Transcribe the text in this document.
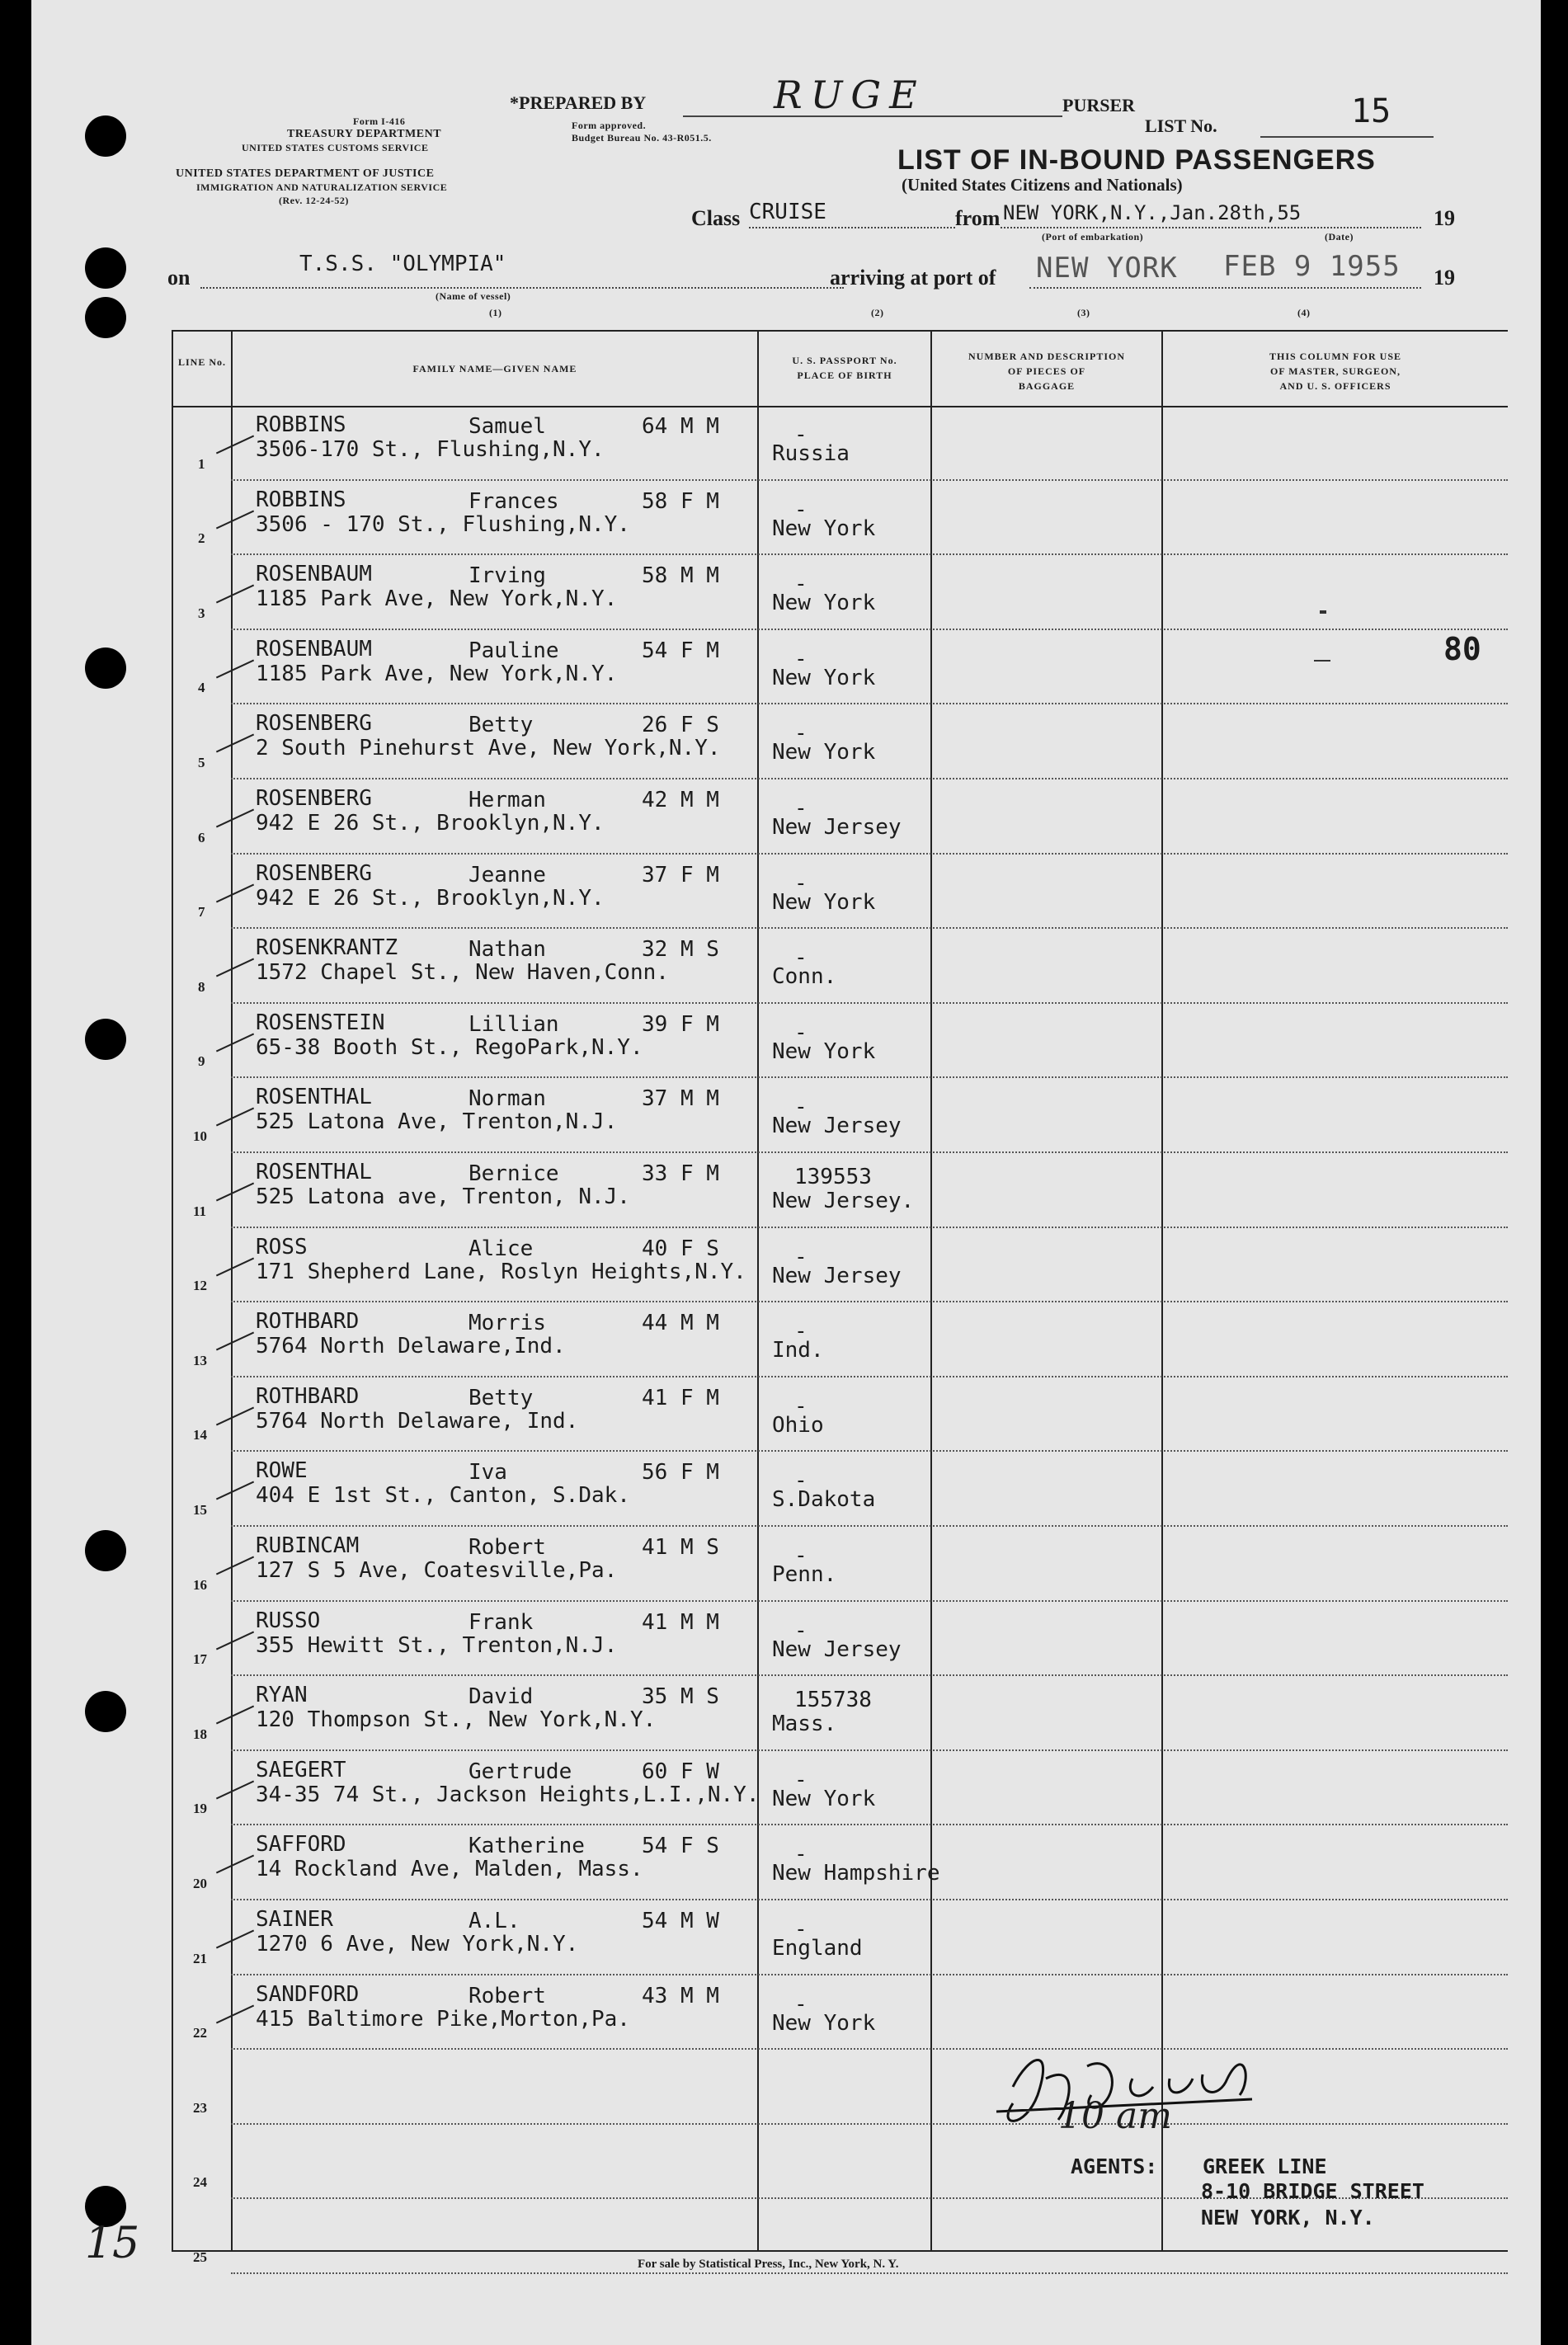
Form I-416
TREASURY DEPARTMENT
UNITED STATES CUSTOMS SERVICE
UNITED STATES DEPARTMENT OF JUSTICE
IMMIGRATION AND NATURALIZATION SERVICE
(Rev. 12-24-52)
*PREPARED BY	RUGE	PURSER
Form approved.
Budget Bureau No. 43-R051.5.
LIST No.	15
LIST OF IN-BOUND PASSENGERS
(United States Citizens and Nationals)
Class CRUISE	from NEW YORK,N.Y.,Jan.28th,55	19
(Port of embarkation)	(Date)
on
T.S.S. "OLYMPIA"
(Name of vessel)
arriving at port of NEW YORK FEB 9 1955 19
(1)	(2)	(3)	(4)
LINE No.
FAMILY NAME—GIVEN NAME
U. S. PASSPORT No.
PLACE OF BIRTH
NUMBER AND DESCRIPTION
OF PIECES OF
BAGGAGE
THIS COLUMN FOR USE
OF MASTER, SURGEON,
AND U. S. OFFICERS
1
ROBBINS	Samuel	64 M M
3506-170 St., Flushing,N.Y.
-
Russia
2
ROBBINS	Frances	58 F M
3506 - 170 St., Flushing,N.Y.
-
New York
3
ROSENBAUM	Irving	58 M M
1185 Park Ave, New York,N.Y.
-
New York
4
ROSENBAUM	Pauline	54 F M
1185 Park Ave, New York,N.Y.
-
New York
5
ROSENBERG	Betty	26 F S
2 South Pinehurst Ave, New York,N.Y.
-
New York
6
ROSENBERG	Herman	42 M M
942 E 26 St., Brooklyn,N.Y.
-
New Jersey
7
ROSENBERG	Jeanne	37 F M
942 E 26 St., Brooklyn,N.Y.
-
New York
8
ROSENKRANTZ	Nathan	32 M S
1572 Chapel St., New Haven,Conn.
-
Conn.
9
ROSENSTEIN	Lillian	39 F M
65-38 Booth St., RegoPark,N.Y.
-
New York
10
ROSENTHAL	Norman	37 M M
525 Latona Ave, Trenton,N.J.
-
New Jersey
11
ROSENTHAL	Bernice	33 F M
525 Latona ave, Trenton, N.J.
139553
New Jersey.
12
ROSS	Alice	40 F S
171 Shepherd Lane, Roslyn Heights,N.Y.
-
New Jersey
13
ROTHBARD	Morris	44 M M
5764 North Delaware,Ind.
-
Ind.
14
ROTHBARD	Betty	41 F M
5764 North Delaware, Ind.
-
Ohio
15
ROWE	Iva	56 F M
404 E 1st St., Canton, S.Dak.
-
S.Dakota
16
RUBINCAM	Robert	41 M S
127 S 5 Ave, Coatesville,Pa.
-
Penn.
17
RUSSO	Frank	41 M M
355 Hewitt St., Trenton,N.J.
-
New Jersey
18
RYAN	David	35 M S
120 Thompson St., New York,N.Y.
155738
Mass.
19
SAEGERT	Gertrude	60 F W
34-35 74 St., Jackson Heights,L.I.,N.Y.
-
New York
20
SAFFORD	Katherine	54 F S
14 Rockland Ave, Malden, Mass.
-
New Hampshire
21
SAINER	A.L.	54 M W
1270 6 Ave, New York,N.Y.
-
England
22
SANDFORD	Robert	43 M M
415 Baltimore Pike,Morton,Pa.
-
New York
23
24
25
80
10 am
AGENTS: GREEK LINE
8-10 BRIDGE STREET
NEW YORK, N.Y.
For sale by Statistical Press, Inc., New York, N. Y.
15
